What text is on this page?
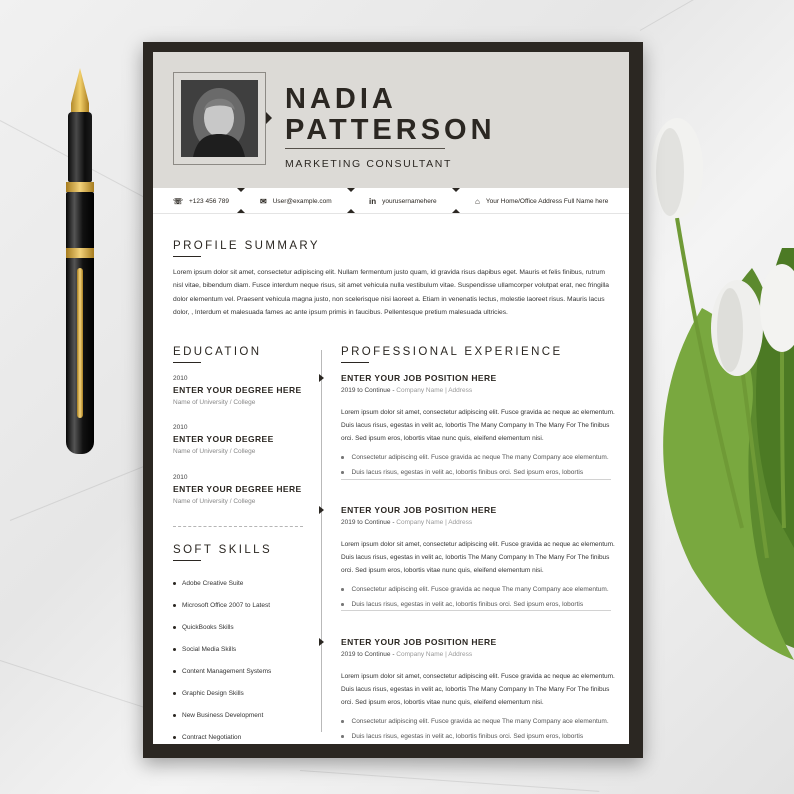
NADIA
PATTERSON
MARKETING CONSULTANT
☏ +123 456 789	✉ User@example.com	in yourusernamehere	⌂ Your Home/Office Address Full Name here
PROFILE SUMMARY
Lorem ipsum dolor sit amet, consectetur adipiscing elit. Nullam fermentum justo quam, id gravida risus dapibus eget. Mauris et felis finibus, rutrum nisl vitae, bibendum diam. Fusce interdum neque risus, sit amet vehicula nulla vestibulum vitae. Suspendisse ullamcorper volutpat erat, nec fringilla dolor elementum vel. Praesent vehicula magna justo, non scelerisque nisi laoreet a. Etiam in venenatis lectus, molestie laoreet risus. Mauris lacus dolor, , Interdum et malesuada fames ac ante ipsum primis in faucibus. Pellentesque pretium malesuada ultricies.
EDUCATION
2010
ENTER YOUR DEGREE HERE
Name of University / College
2010
ENTER YOUR DEGREE
Name of University / College
2010
ENTER YOUR DEGREE HERE
Name of University / College
SOFT SKILLS
Adobe Creative Suite
Microsoft Office 2007 to Latest
QuickBooks Skills
Social Media Skills
Content Management Systems
Graphic Design Skills
New Business Development
Contract Negotiation
PROFESSIONAL EXPERIENCE
ENTER YOUR JOB POSITION HERE
2019 to Continue - Company Name | Address
Lorem ipsum dolor sit amet, consectetur adipiscing elit. Fusce gravida ac neque ac elementum. Duis lacus risus, egestas in velit ac, lobortis The Many Company In The Many For The finibus orci. Sed ipsum eros, lobortis vitae nunc quis, eleifend elementum nisi.
Consectetur adipiscing elit. Fusce gravida ac neque The many Company ace elementum.
Duis lacus risus, egestas in velit ac, lobortis finibus orci. Sed ipsum eros, lobortis
ENTER YOUR JOB POSITION HERE
2019 to Continue - Company Name | Address
Lorem ipsum dolor sit amet, consectetur adipiscing elit. Fusce gravida ac neque ac elementum. Duis lacus risus, egestas in velit ac, lobortis The Many Company In The Many For The finibus orci. Sed ipsum eros, lobortis vitae nunc quis, eleifend elementum nisi.
Consectetur adipiscing elit. Fusce gravida ac neque The many Company ace elementum.
Duis lacus risus, egestas in velit ac, lobortis finibus orci. Sed ipsum eros, lobortis
ENTER YOUR JOB POSITION HERE
2019 to Continue - Company Name | Address
Lorem ipsum dolor sit amet, consectetur adipiscing elit. Fusce gravida ac neque ac elementum. Duis lacus risus, egestas in velit ac, lobortis The Many Company In The Many For The finibus orci. Sed ipsum eros, lobortis vitae nunc quis, eleifend elementum nisi.
Consectetur adipiscing elit. Fusce gravida ac neque The many Company ace elementum.
Duis lacus risus, egestas in velit ac, lobortis finibus orci. Sed ipsum eros, lobortis
